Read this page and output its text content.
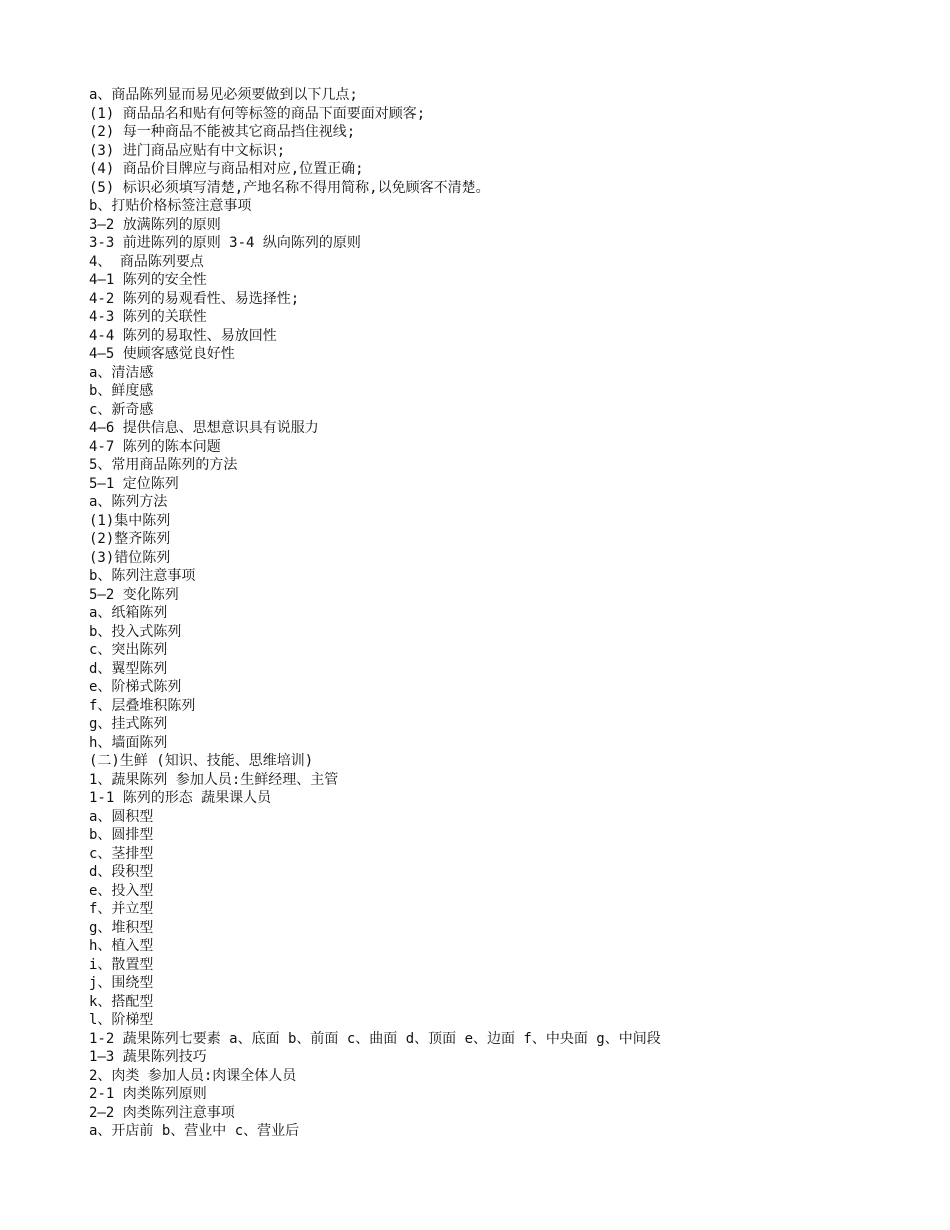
a、商品陈列显而易见必须要做到以下几点;
(1) 商品品名和贴有何等标签的商品下面要面对顾客;
(2) 每一种商品不能被其它商品挡住视线;
(3) 进门商品应贴有中文标识;
(4) 商品价目牌应与商品相对应,位置正确;
(5) 标识必须填写清楚,产地名称不得用简称,以免顾客不清楚。
b、打贴价格标签注意事项
3—2 放满陈列的原则
3-3 前进陈列的原则 3-4 纵向陈列的原则
4、 商品陈列要点
4—1 陈列的安全性
4-2 陈列的易观看性、易选择性;
4-3 陈列的关联性
4-4 陈列的易取性、易放回性
4—5 使顾客感觉良好性
a、清洁感
b、鲜度感
c、新奇感
4—6 提供信息、思想意识具有说服力
4-7 陈列的陈本问题
5、常用商品陈列的方法
5—1 定位陈列
a、陈列方法
(1)集中陈列
(2)整齐陈列
(3)错位陈列
b、陈列注意事项
5—2 变化陈列
a、纸箱陈列
b、投入式陈列
c、突出陈列
d、翼型陈列
e、阶梯式陈列
f、层叠堆积陈列
g、挂式陈列
h、墙面陈列
(二)生鲜 (知识、技能、思维培训)
1、蔬果陈列 参加人员:生鲜经理、主管
1-1 陈列的形态 蔬果课人员
a、圆积型
b、圆排型
c、茎排型
d、段积型
e、投入型
f、并立型
g、堆积型
h、植入型
i、散置型
j、围绕型
k、搭配型
l、阶梯型
1-2 蔬果陈列七要素 a、底面 b、前面 c、曲面 d、顶面 e、边面 f、中央面 g、中间段
1—3 蔬果陈列技巧
2、肉类 参加人员:肉课全体人员
2-1 肉类陈列原则
2—2 肉类陈列注意事项
a、开店前 b、营业中 c、营业后
